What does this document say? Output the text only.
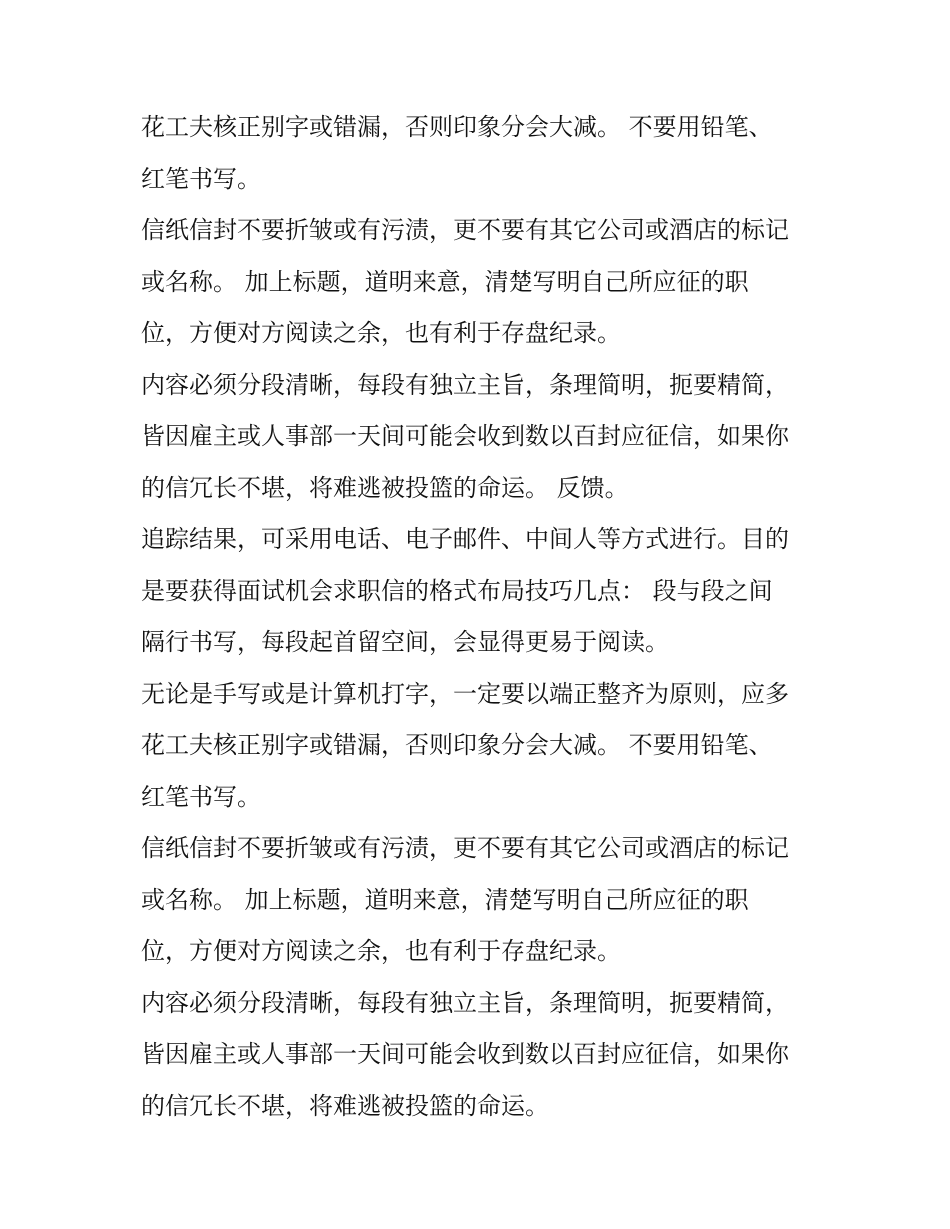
花工夫核正别字或错漏，否则印象分会大减。 不要用铅笔、

红笔书写。

信纸信封不要折皱或有污渍，更不要有其它公司或酒店的标记

或名称。 加上标题，道明来意，清楚写明自己所应征的职

位，方便对方阅读之余，也有利于存盘纪录。

内容必须分段清晰，每段有独立主旨，条理简明，扼要精简，

皆因雇主或人事部一天间可能会收到数以百封应征信，如果你

的信冗长不堪，将难逃被投篮的命运。 反馈。

追踪结果，可采用电话、电子邮件、中间人等方式进行。目的

是要获得面试机会求职信的格式布局技巧几点： 段与段之间

隔行书写，每段起首留空间，会显得更易于阅读。

无论是手写或是计算机打字，一定要以端正整齐为原则，应多

花工夫核正别字或错漏，否则印象分会大减。 不要用铅笔、

红笔书写。

信纸信封不要折皱或有污渍，更不要有其它公司或酒店的标记

或名称。 加上标题，道明来意，清楚写明自己所应征的职

位，方便对方阅读之余，也有利于存盘纪录。

内容必须分段清晰，每段有独立主旨，条理简明，扼要精简，

皆因雇主或人事部一天间可能会收到数以百封应征信，如果你

的信冗长不堪，将难逃被投篮的命运。
